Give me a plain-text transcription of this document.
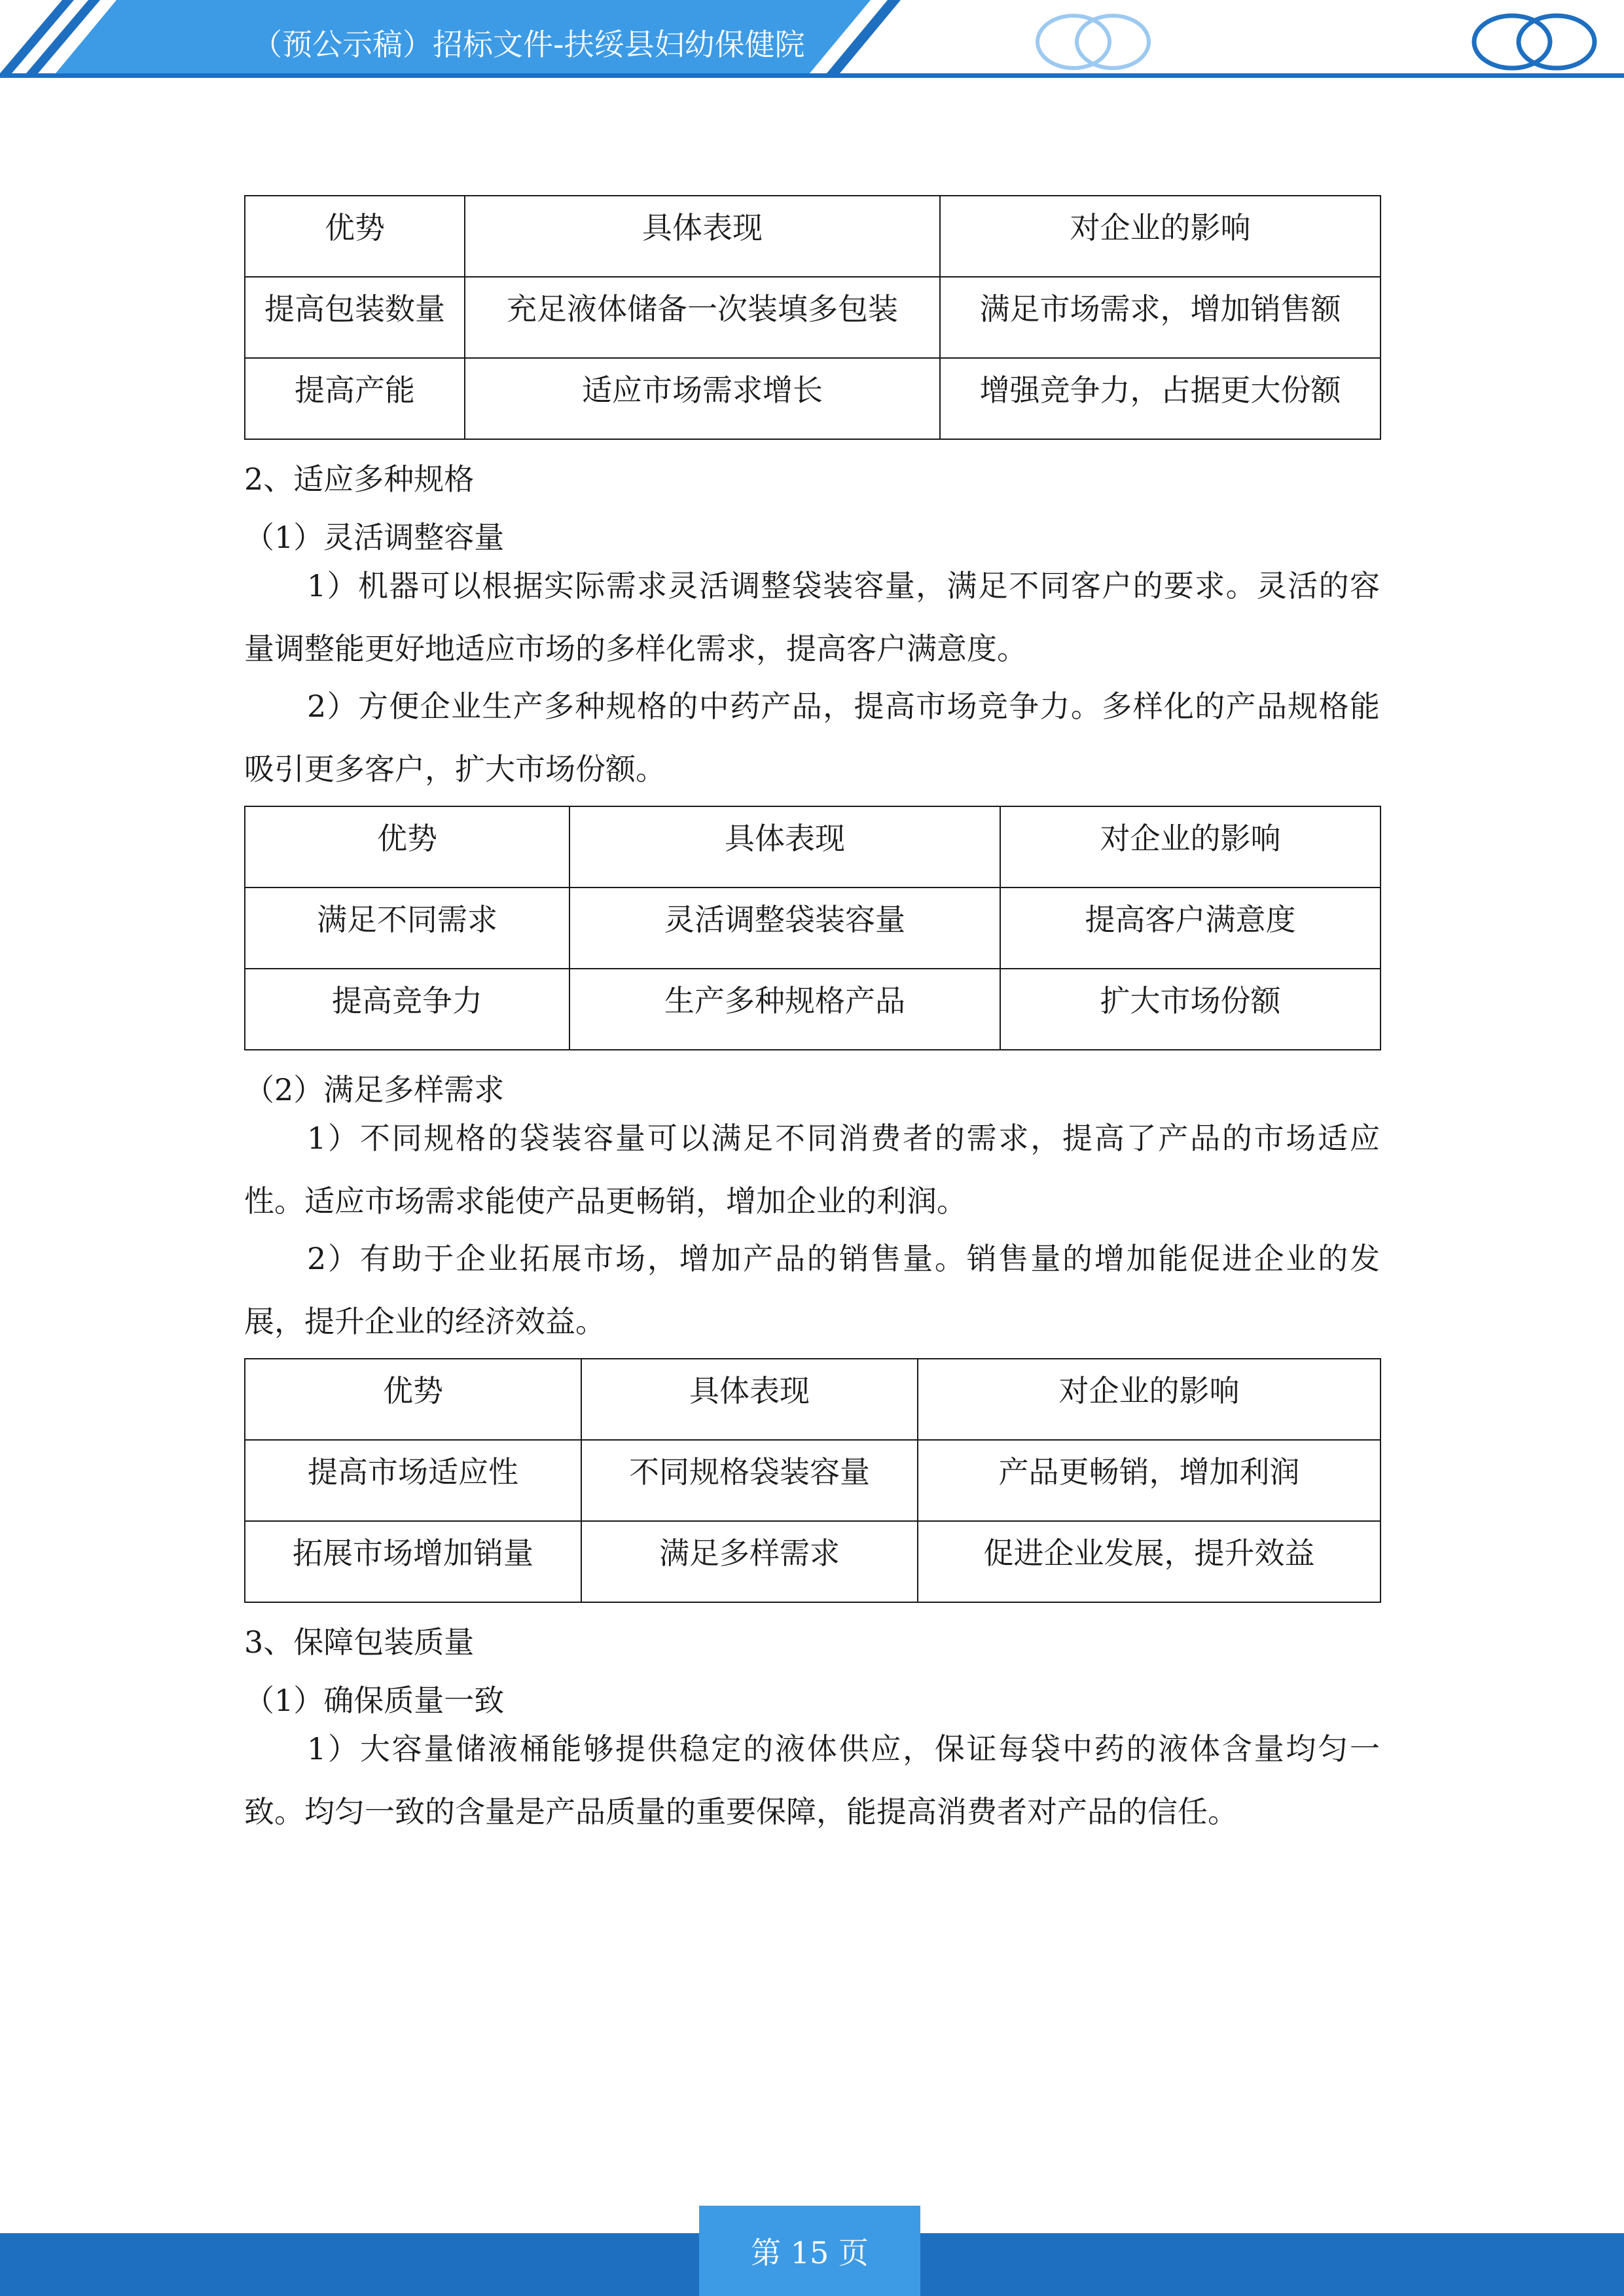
（预公示稿）招标文件-扶绥县妇幼保健院
优势	具体表现	对企业的影响
提高包装数量	充足液体储备一次装填多包装	满足市场需求，增加销售额
提高产能	适应市场需求增长	增强竞争力，占据更大份额
2、适应多种规格
（1）灵活调整容量

1）机器可以根据实际需求灵活调整袋装容量，满足不同客户的要求。灵活的容量调整能更好地适应市场的多样化需求，提高客户满意度。

2）方便企业生产多种规格的中药产品，提高市场竞争力。多样化的产品规格能吸引更多客户，扩大市场份额。

优势	具体表现	对企业的影响
满足不同需求	灵活调整袋装容量	提高客户满意度
提高竞争力	生产多种规格产品	扩大市场份额
（2）满足多样需求

1）不同规格的袋装容量可以满足不同消费者的需求，提高了产品的市场适应性。适应市场需求能使产品更畅销，增加企业的利润。

2）有助于企业拓展市场，增加产品的销售量。销售量的增加能促进企业的发展，提升企业的经济效益。

优势	具体表现	对企业的影响
提高市场适应性	不同规格袋装容量	产品更畅销，增加利润
拓展市场增加销量	满足多样需求	促进企业发展，提升效益
3、保障包装质量
（1）确保质量一致

1）大容量储液桶能够提供稳定的液体供应，保证每袋中药的液体含量均匀一致。均匀一致的含量是产品质量的重要保障，能提高消费者对产品的信任。

第 15 页
